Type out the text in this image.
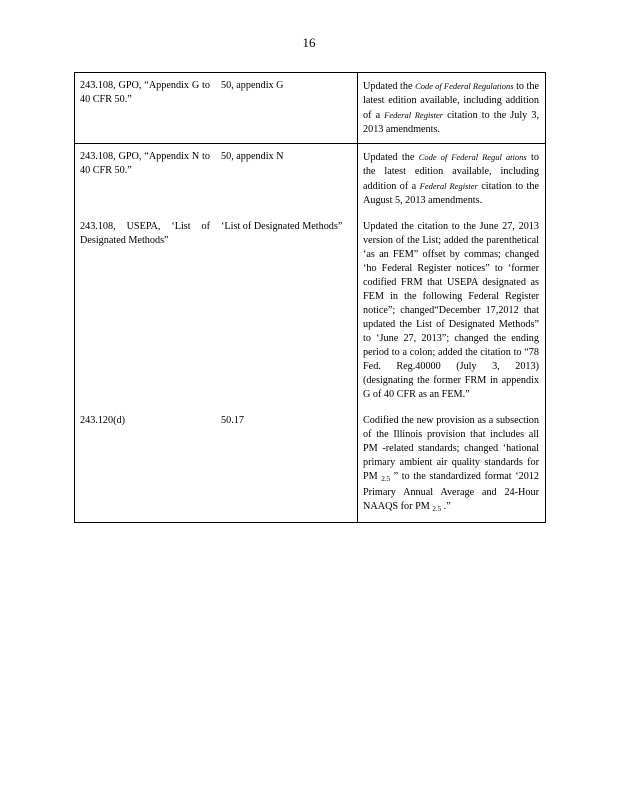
16
243.108, GPO, “Appendix G to 40 CFR 50.”	50, appendix G	Updated the Code of Federal Regulations to the latest edition available, including addition of a Federal Register citation to the July 3, 2013 amendments.
243.108, GPO, “Appendix N to 40 CFR 50.”	50, appendix N	Updated the Code of Federal Regul ations to the latest edition available, including addition of a Federal Register citation to the August 5, 2013 amendments.
243.108, USEPA, ‘List of Designated Methods”	‘List of Designated Methods”	Updated the citation to the June 27, 2013 version of the List; added the parenthetical ‘as an FEM” offset by commas; changed ‘ho Federal Register notices” to ‘former codified FRM that USEPA designated as FEM in the following Federal Register notice”; changed“December 17,2012 that updated the List of Designated Methods” to ‘June 27, 2013”; changed the ending period to a colon; added the citation to “78 Fed. Reg.40000 (July 3, 2013) (designating the former FRM in appendix G of 40 CFR as an FEM.”
243.120(d)	50.17	Codified the new provision as a subsection of the Illinois provision that includes all PM -related standards; changed ‘hational primary ambient air quality standards for PM $_{2.5}$ ” to the standardized format ‘2012 Primary Annual Average and 24-Hour NAAQS for PM $_{2.5}$ .”
